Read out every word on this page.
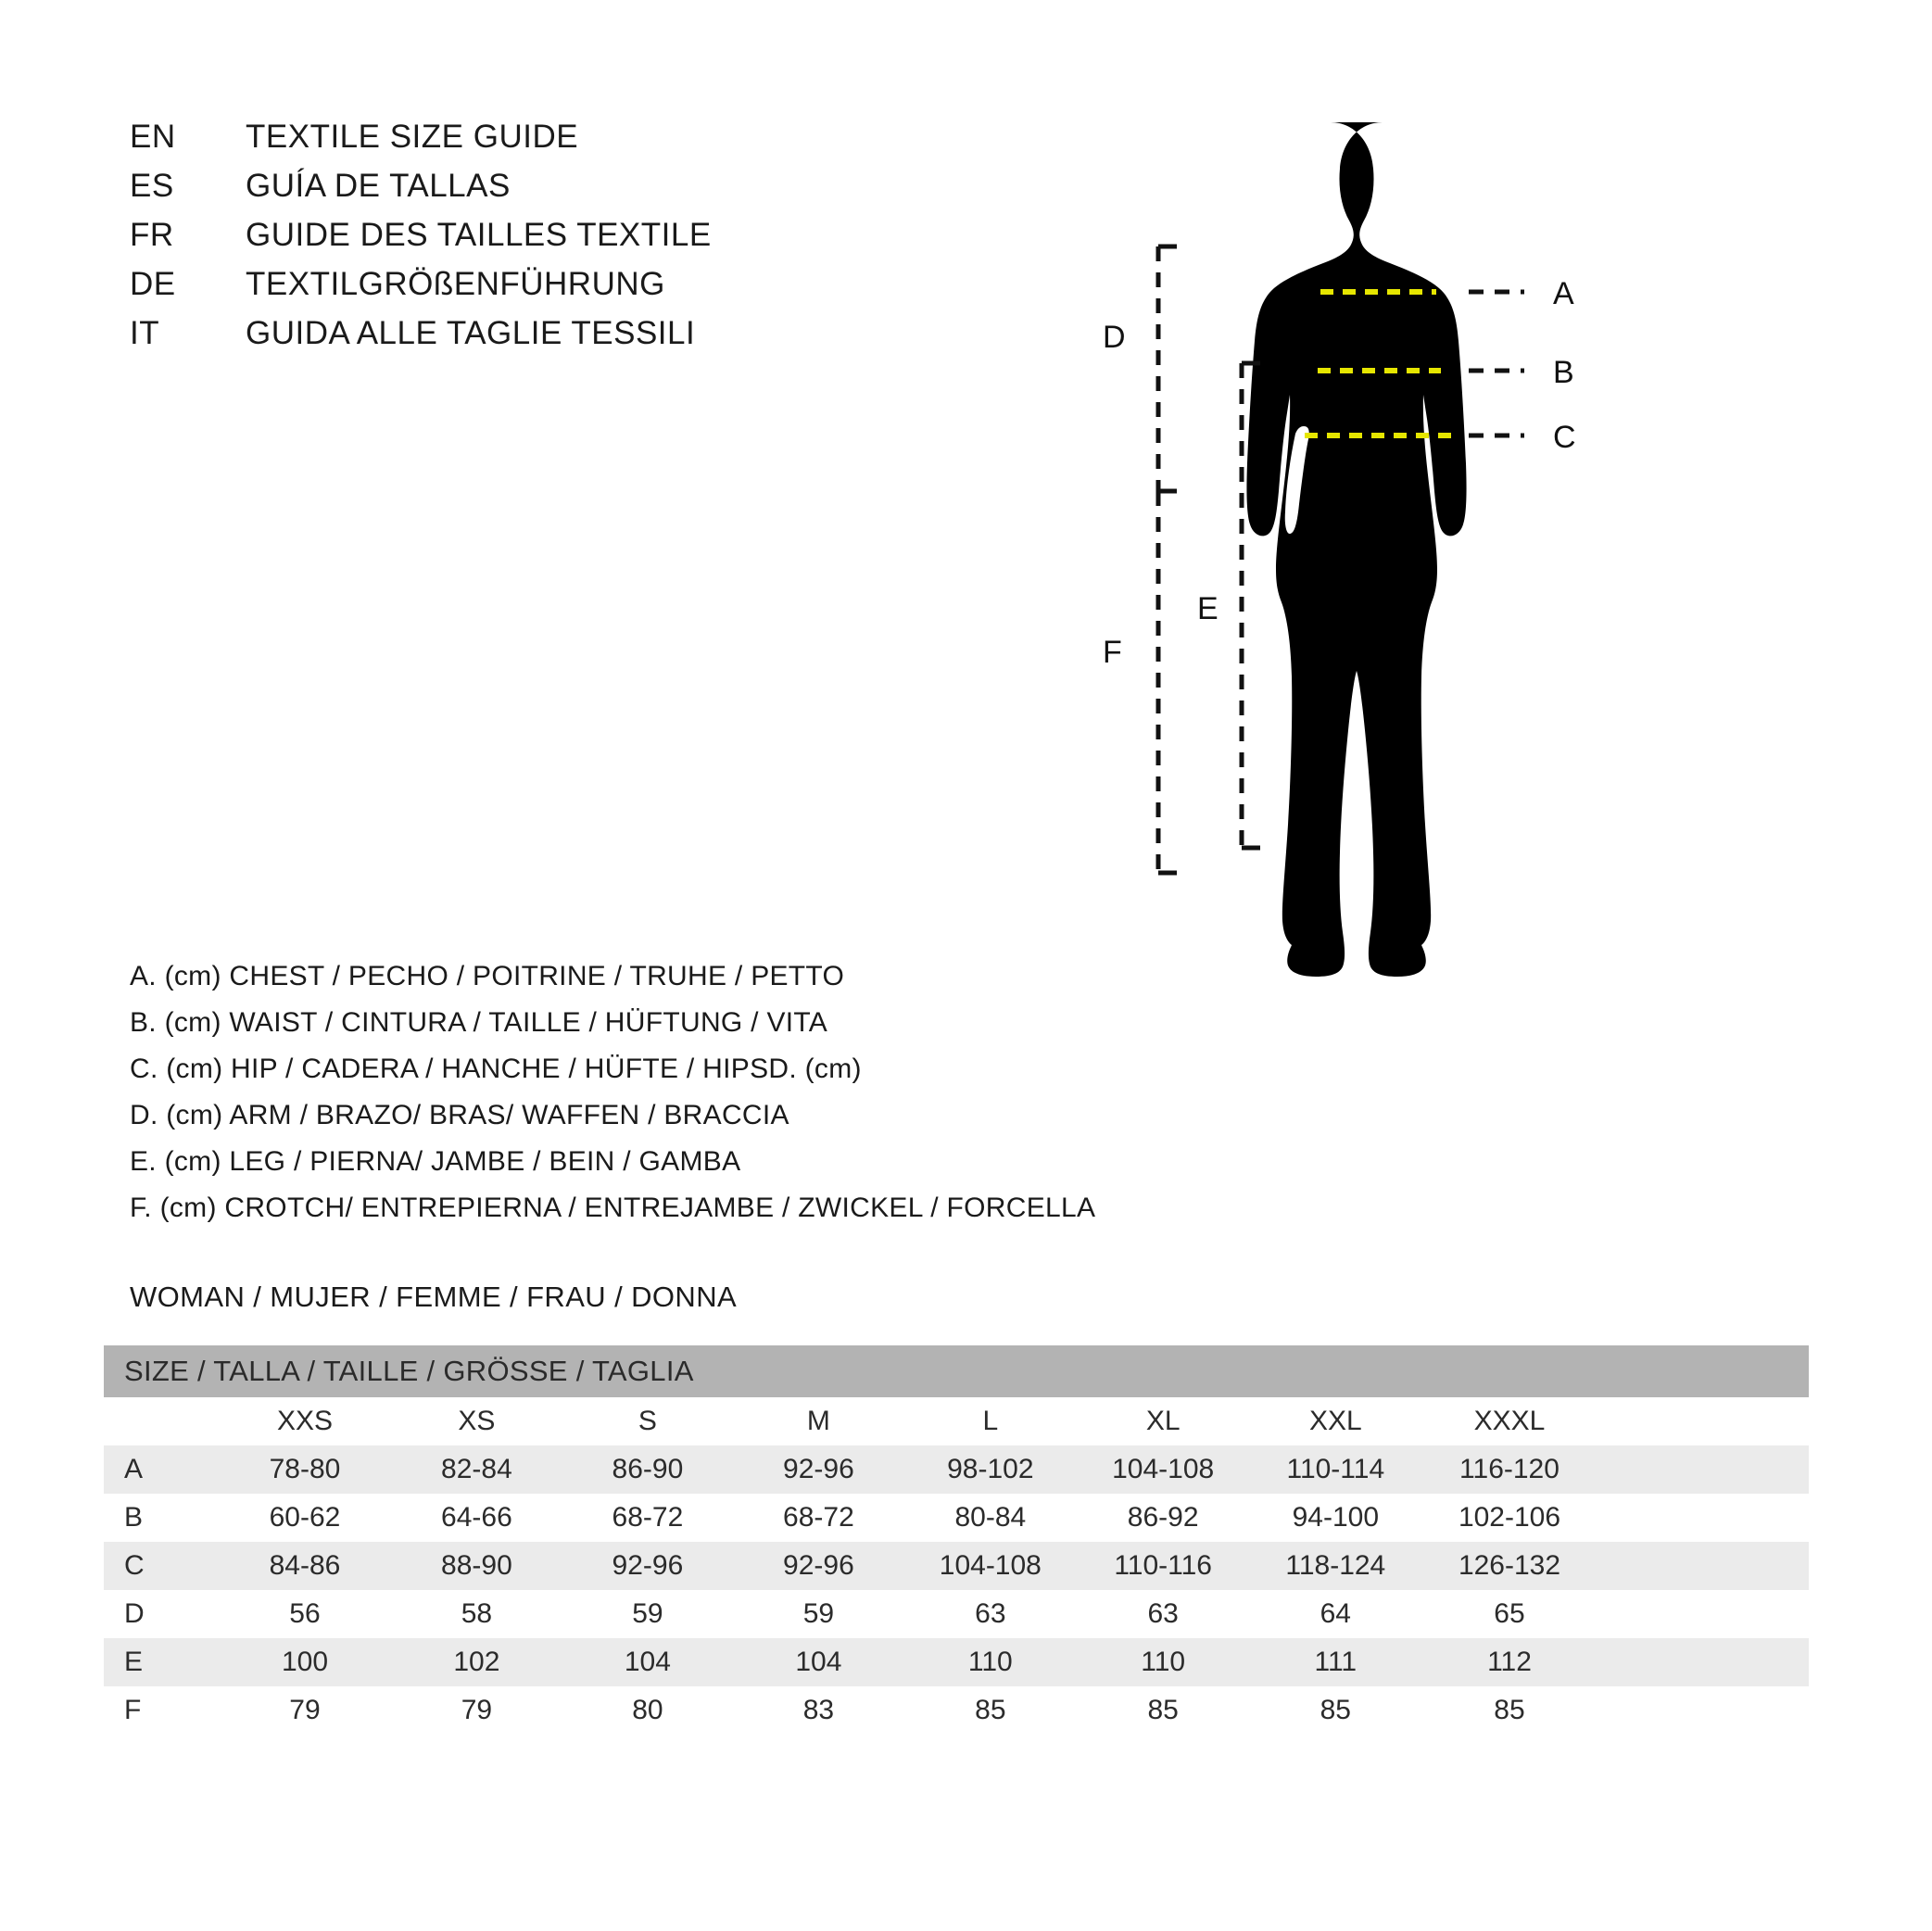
EN	TEXTILE SIZE GUIDE
ES	GUÍA DE TALLAS
FR	GUIDE DES TAILLES TEXTILE
DE	TEXTILGRÖßENFÜHRUNG
IT	GUIDA ALLE TAGLIE TESSILI
A
B
C
D
F
E
A. (cm) CHEST / PECHO / POITRINE / TRUHE / PETTO
B. (cm) WAIST / CINTURA / TAILLE / HÜFTUNG / VITA
C. (cm) HIP / CADERA / HANCHE / HÜFTE / HIPSD. (cm)
D. (cm) ARM / BRAZO/ BRAS/ WAFFEN / BRACCIA
E. (cm) LEG / PIERNA/ JAMBE / BEIN / GAMBA
F. (cm) CROTCH/ ENTREPIERNA / ENTREJAMBE / ZWICKEL / FORCELLA
WOMAN / MUJER / FEMME / FRAU / DONNA
SIZE / TALLA / TAILLE / GRÖSSE / TAGLIA									
	XXS	XS	S	M	L	XL	XXL	XXXL	
A	78-80	82-84	86-90	92-96	98-102	104-108	110-114	116-120	
B	60-62	64-66	68-72	68-72	80-84	86-92	94-100	102-106	
C	84-86	88-90	92-96	92-96	104-108	110-116	118-124	126-132	
D	56	58	59	59	63	63	64	65	
E	100	102	104	104	110	110	111	112	
F	79	79	80	83	85	85	85	85	
